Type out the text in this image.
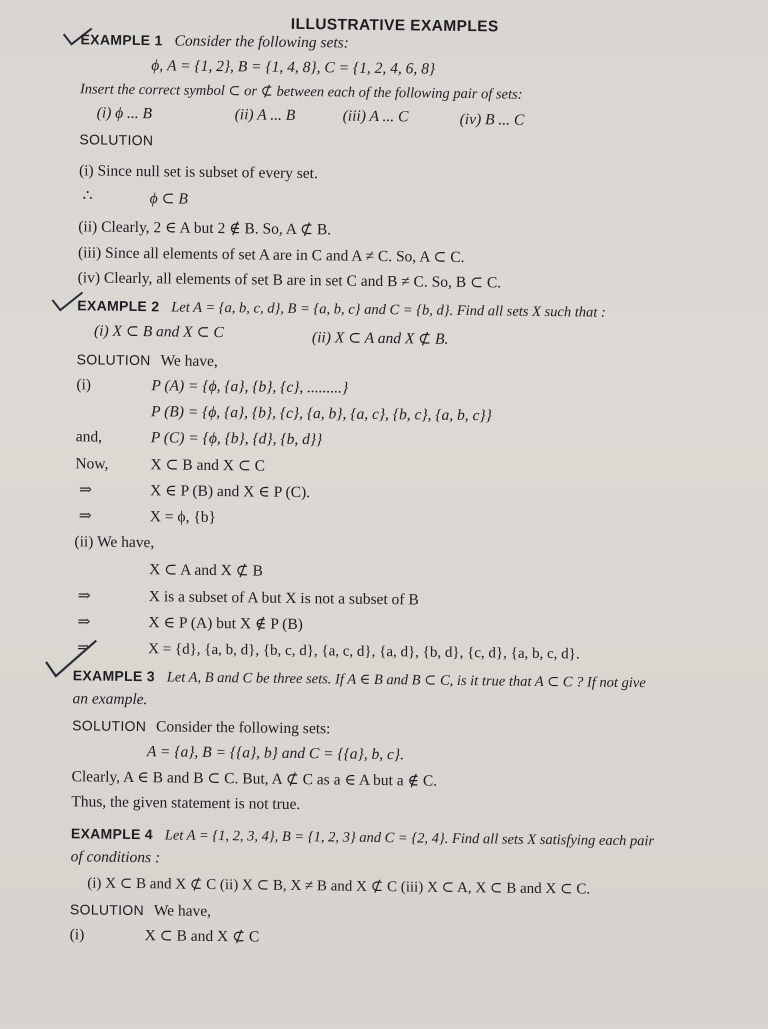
ILLUSTRATIVE EXAMPLES
EXAMPLE 1 Consider the following sets:
ϕ, A = {1, 2}, B = {1, 4, 8}, C = {1, 2, 4, 6, 8}
Insert the correct symbol ⊂ or ⊄ between each of the following pair of sets:
(i) ϕ ... B	(ii) A ... B	(iii) A ... C	(iv) B ... C
SOLUTION
(i) Since null set is subset of every set.
∴	ϕ ⊂ B
(ii) Clearly, 2 ∈ A but 2 ∉ B. So, A ⊄ B.
(iii) Since all elements of set A are in C and A ≠ C. So, A ⊂ C.
(iv) Clearly, all elements of set B are in set C and B ≠ C. So, B ⊂ C.
EXAMPLE 2 Let A = {a, b, c, d}, B = {a, b, c} and C = {b, d}. Find all sets X such that :
(i) X ⊂ B and X ⊂ C	(ii) X ⊂ A and X ⊄ B.
SOLUTION We have,
(i)	P (A) = {ϕ, {a}, {b}, {c}, .........}
P (B) = {ϕ, {a}, {b}, {c}, {a, b}, {a, c}, {b, c}, {a, b, c}}
and,	P (C) = {ϕ, {b}, {d}, {b, d}}
Now,	X ⊂ B and X ⊂ C
⇒	X ∈ P (B) and X ∈ P (C).
⇒	X = ϕ, {b}
(ii) We have,
X ⊂ A and X ⊄ B
⇒	X is a subset of A but X is not a subset of B
⇒	X ∈ P (A) but X ∉ P (B)
⇒	X = {d}, {a, b, d}, {b, c, d}, {a, c, d}, {a, d}, {b, d}, {c, d}, {a, b, c, d}.
EXAMPLE 3 Let A, B and C be three sets. If A ∈ B and B ⊂ C, is it true that A ⊂ C ? If not give
an example.
SOLUTION Consider the following sets:
A = {a}, B = {{a}, b} and C = {{a}, b, c}.
Clearly, A ∈ B and B ⊂ C. But, A ⊄ C as a ∈ A but a ∉ C.
Thus, the given statement is not true.
EXAMPLE 4 Let A = {1, 2, 3, 4}, B = {1, 2, 3} and C = {2, 4}. Find all sets X satisfying each pair
of conditions :
(i) X ⊂ B and X ⊄ C (ii) X ⊂ B, X ≠ B and X ⊄ C (iii) X ⊂ A, X ⊂ B and X ⊂ C.
SOLUTION We have,
(i)	X ⊂ B and X ⊄ C
